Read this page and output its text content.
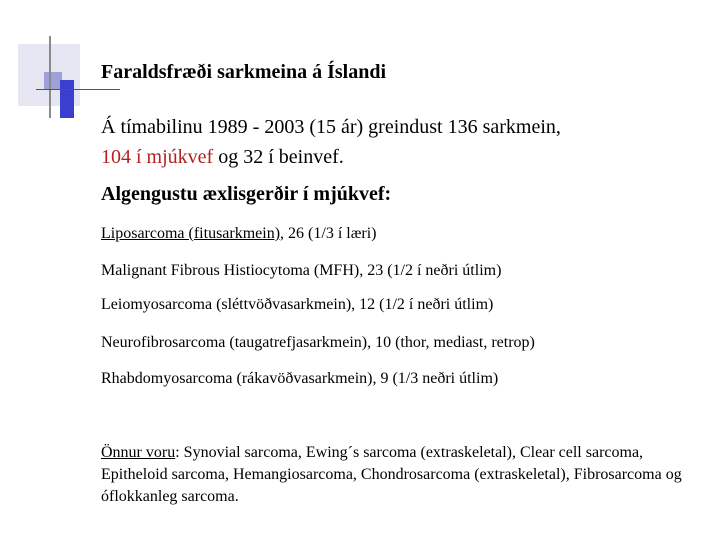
Faraldsfræði sarkmeina á Íslandi

Á tímabilinu 1989 - 2003 (15 ár) greindust 136 sarkmein,
104 í mjúkvef og 32 í beinvef.

Algengustu æxlisgerðir í mjúkvef:
Liposarcoma (fitusarkmein), 26 (1/3 í læri)
Malignant Fibrous Histiocytoma (MFH), 23 (1/2 í neðri útlim)
Leiomyosarcoma (sléttvöðvasarkmein), 12 (1/2 í neðri útlim)
Neurofibrosarcoma (taugatrefjasarkmein), 10 (thor, mediast, retrop)
Rhabdomyosarcoma (rákavöðvasarkmein), 9 (1/3 neðri útlim)

Önnur voru: Synovial sarcoma, Ewing´s sarcoma (extraskeletal), Clear cell sarcoma, Epitheloid sarcoma, Hemangiosarcoma, Chondrosarcoma (extraskeletal), Fibrosarcoma og óflokkanleg sarcoma.
